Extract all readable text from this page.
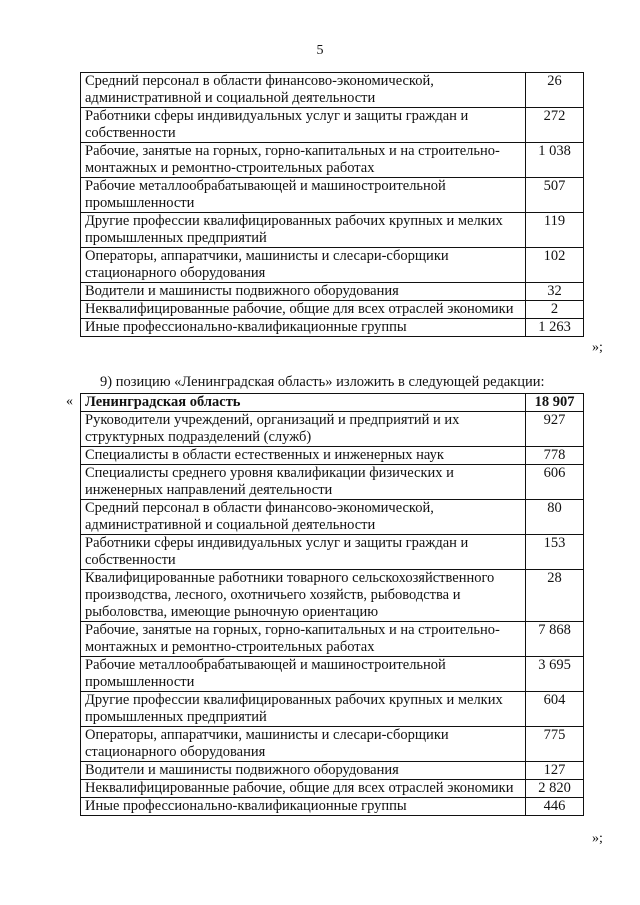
5
Средний персонал в области финансово-экономической, административной и социальной деятельности	26
Работники сферы индивидуальных услуг и защиты граждан и собственности	272
Рабочие, занятые на горных, горно-капитальных и на строительно-монтажных и ремонтно-строительных работах	1 038
Рабочие металлообрабатывающей и машиностроительной промышленности	507
Другие профессии квалифицированных рабочих крупных и мелких промышленных предприятий	119
Операторы, аппаратчики, машинисты и слесари-сборщики стационарного оборудования	102
Водители и машинисты подвижного оборудования	32
Неквалифицированные рабочие, общие для всех отраслей экономики	2
Иные профессионально-квалификационные группы	1 263
»;
9) позицию «Ленинградская область» изложить в следующей редакции:
« Ленинградская область	18 907
Руководители учреждений, организаций и предприятий и их структурных подразделений (служб)	927
Специалисты в области естественных и инженерных наук	778
Специалисты среднего уровня квалификации физических и инженерных направлений деятельности	606
Средний персонал в области финансово-экономической, административной и социальной деятельности	80
Работники сферы индивидуальных услуг и защиты граждан и собственности	153
Квалифицированные работники товарного сельскохозяйственного производства, лесного, охотничьего хозяйств, рыбоводства и рыболовства, имеющие рыночную ориентацию	28
Рабочие, занятые на горных, горно-капитальных и на строительно-монтажных и ремонтно-строительных работах	7 868
Рабочие металлообрабатывающей и машиностроительной промышленности	3 695
Другие профессии квалифицированных рабочих крупных и мелких промышленных предприятий	604
Операторы, аппаратчики, машинисты и слесари-сборщики стационарного оборудования	775
Водители и машинисты подвижного оборудования	127
Неквалифицированные рабочие, общие для всех отраслей экономики	2 820
Иные профессионально-квалификационные группы	446
»;
